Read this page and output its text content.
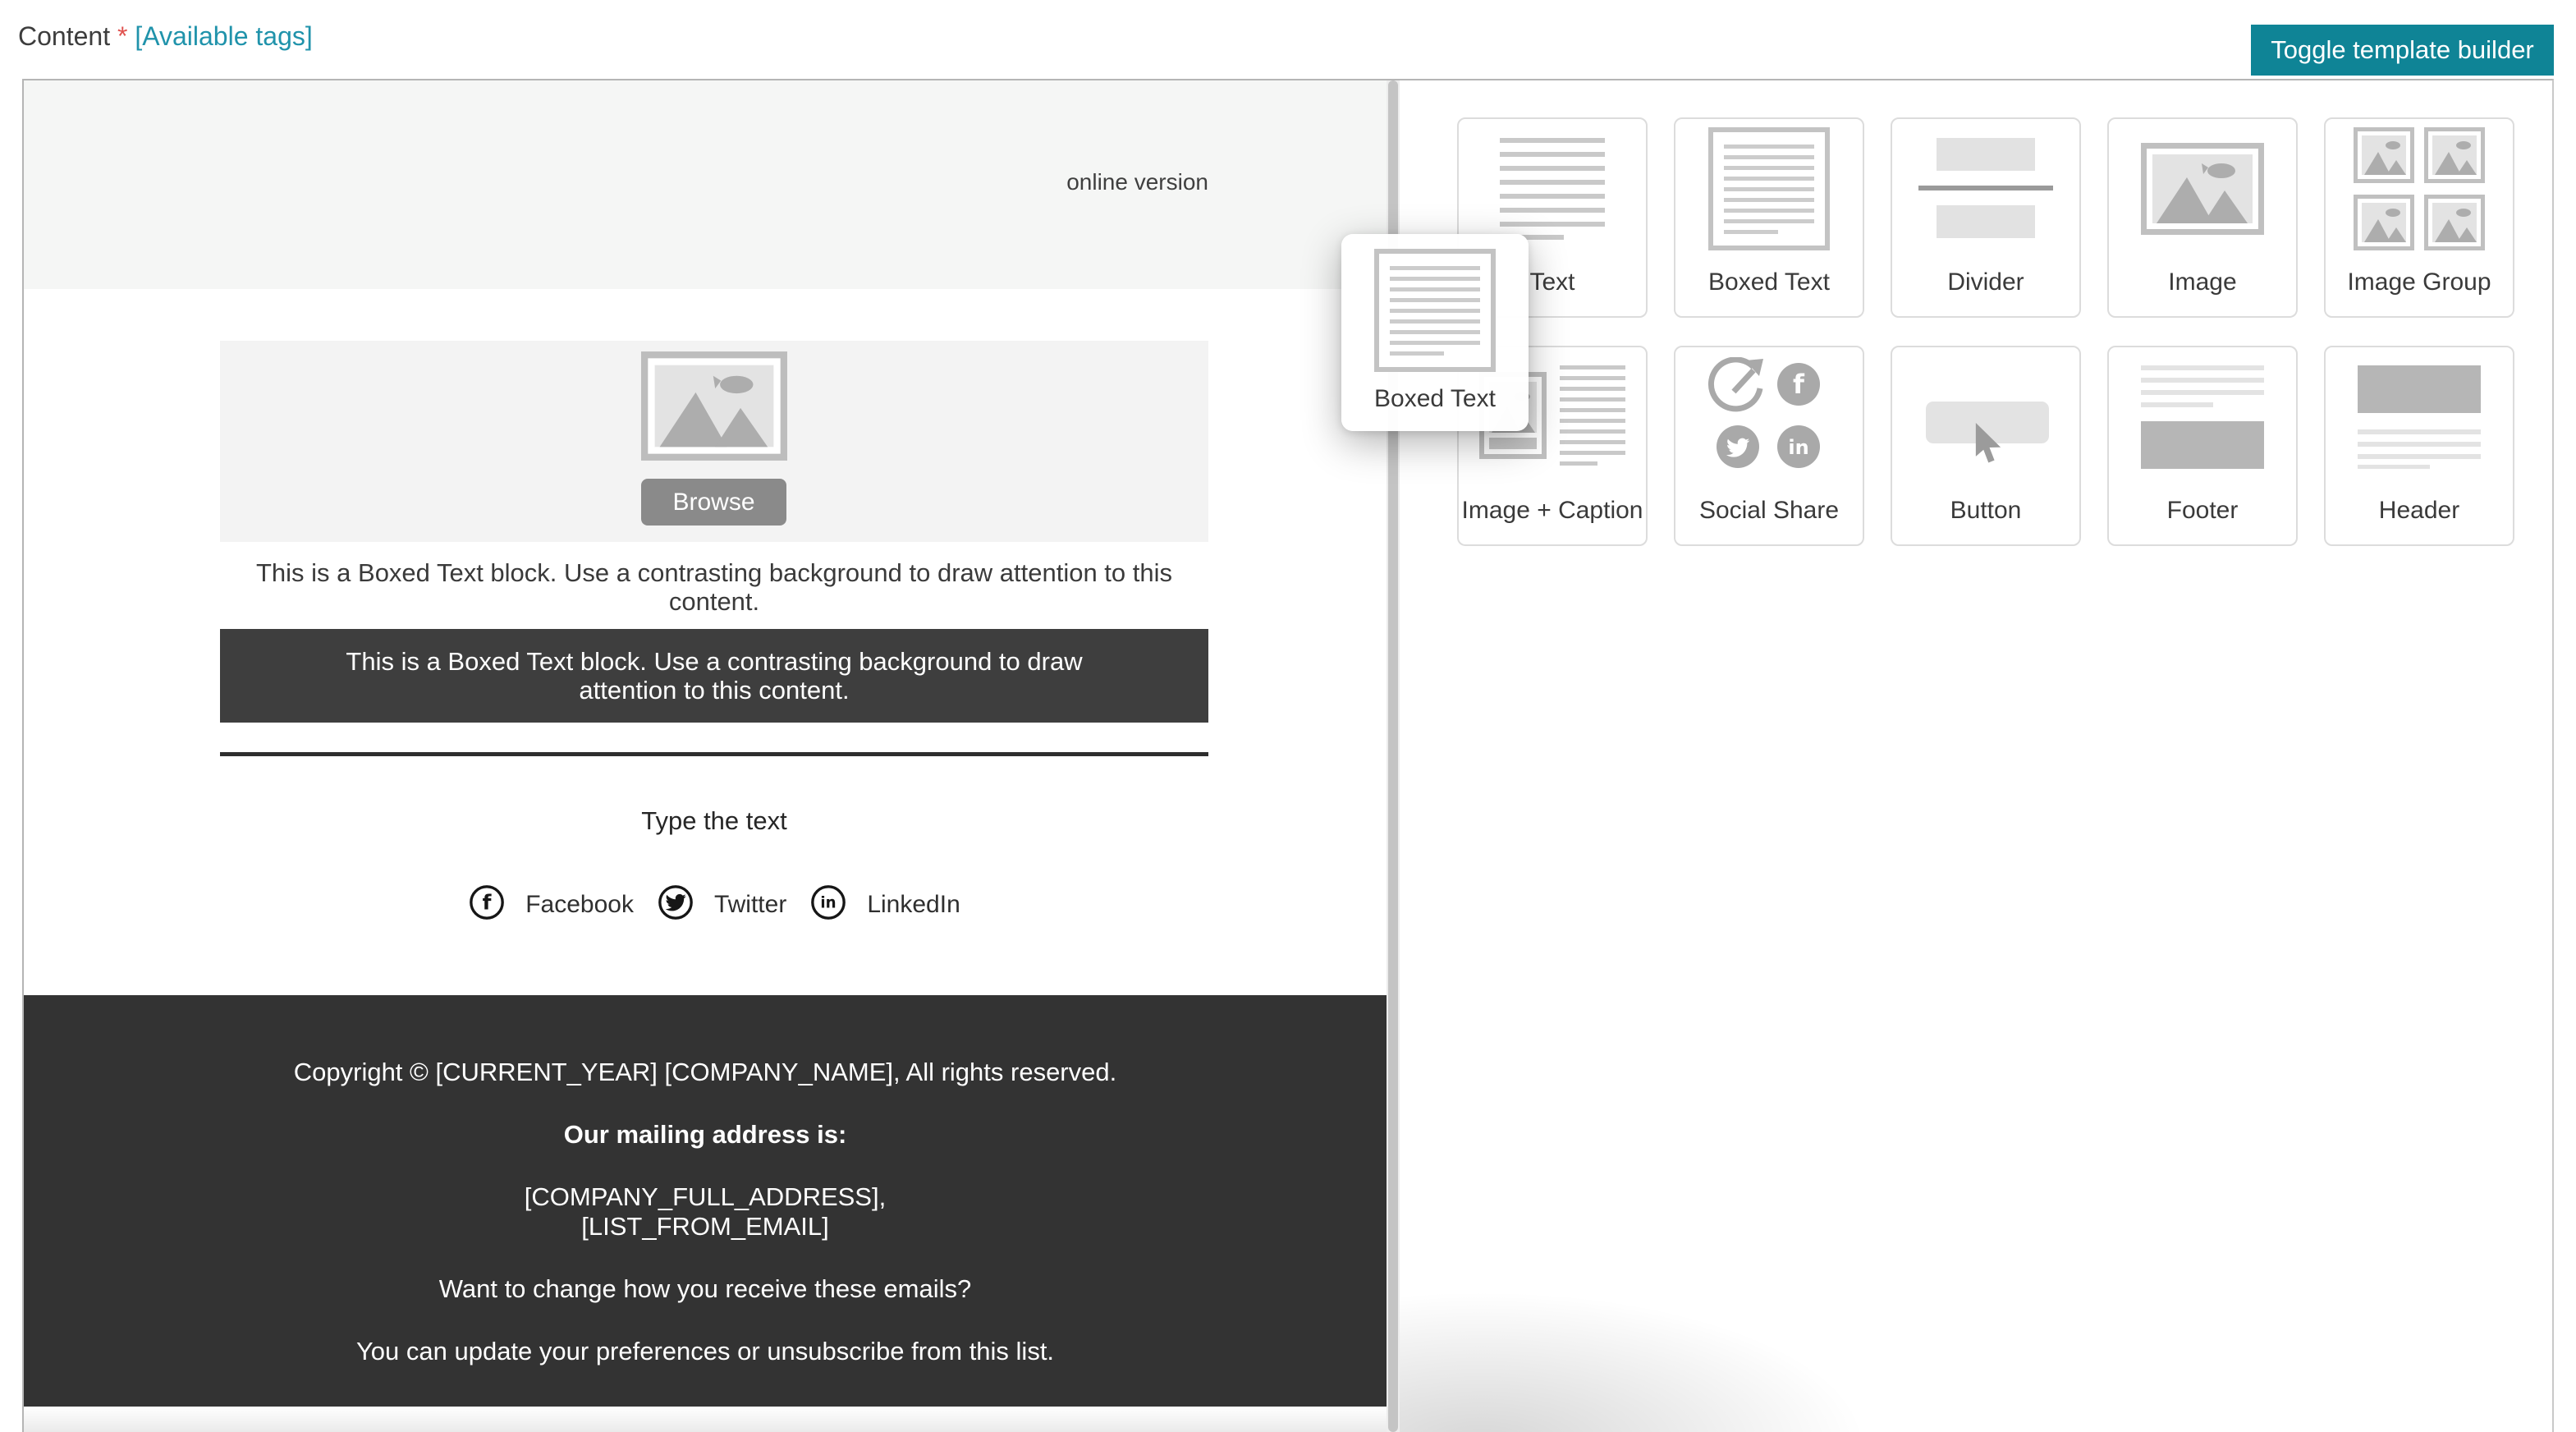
Content * [Available tags]	Toggle template builder
online version
Browse
This is a Boxed Text block. Use a contrasting background to draw attention to this content.
This is a Boxed Text block. Use a contrasting background to draw attention to this content.
Type the text
f Facebook	Twitter in LinkedIn
Copyright © [CURRENT_YEAR] [COMPANY_NAME], All rights reserved.
Our mailing address is:
[COMPANY_FULL_ADDRESS],
[LIST_FROM_EMAIL]
Want to change how you receive these emails?
You can update your preferences or unsubscribe from this list.
Text	Boxed Text	Divider	Image	Image Group
Image + Caption
f
in
Social Share	Button	Footer	Header
Boxed Text
